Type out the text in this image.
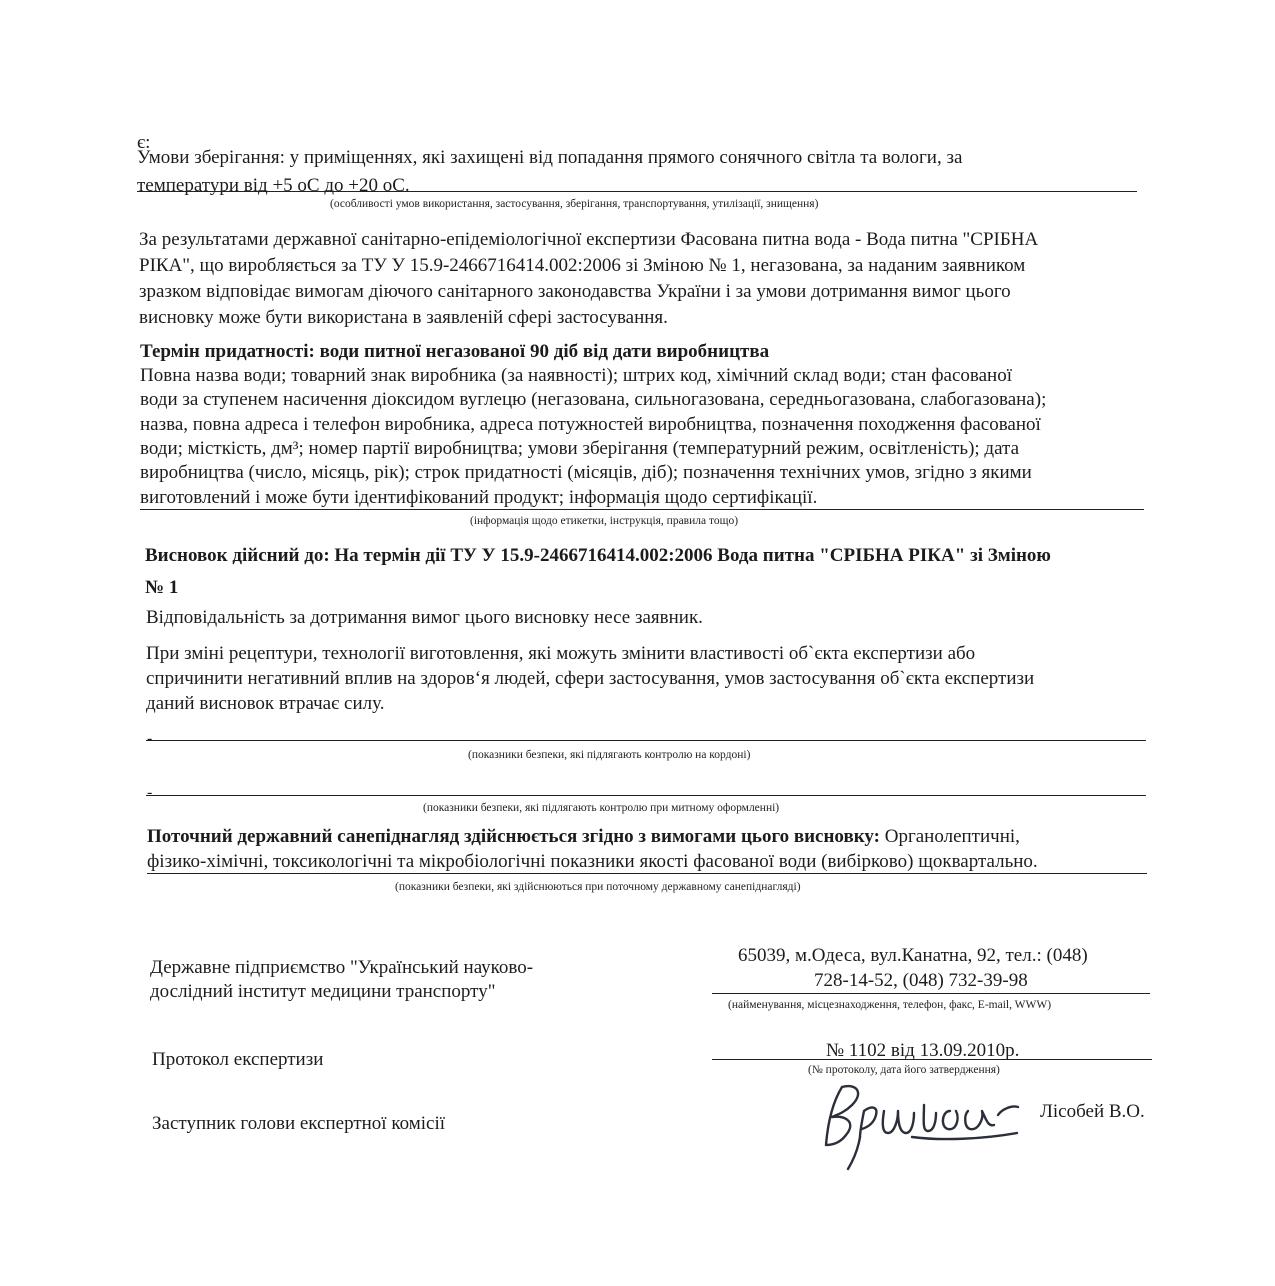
є:
Умови зберігання: у приміщеннях, які захищені від попадання прямого сонячного світла та вологи, за
температури від +5 оС до +20 оС.
(особливості умов використання, застосування, зберігання, транспортування, утилізації, знищення)
За результатами державної санітарно-епідеміологічної експертизи Фасована питна вода - Вода питна "СРІБНА
РІКА", що виробляється за ТУ У 15.9-2466716414.002:2006 зі Зміною № 1, негазована, за наданим заявником
зразком відповідає вимогам діючого санітарного законодавства України і за умови дотримання вимог цього
висновку може бути використана в заявленій сфері застосування.
Термін придатності: води питної негазованої 90 діб від дати виробництва
Повна назва води; товарний знак виробника (за наявності); штрих код, хімічний склад води; стан фасованої
води за ступенем насичення діоксидом вуглецю (негазована, сильногазована, середньогазована, слабогазована);
назва, повна адреса і телефон виробника, адреса потужностей виробництва, позначення походження фасованої
води; місткість, дм³; номер партії виробництва; умови зберігання (температурний режим, освітленість); дата
виробництва (число, місяць, рік); строк придатності (місяців, діб); позначення технічних умов, згідно з якими
виготовлений і може бути ідентифікований продукт; інформація щодо сертифікації.
(інформація щодо етикетки, інструкція, правила тощо)
Висновок дійсний до: На термін дії ТУ У 15.9-2466716414.002:2006 Вода питна "СРІБНА РІКА" зі Зміною
№ 1
Відповідальність за дотримання вимог цього висновку несе заявник.
При зміні рецептури, технології виготовлення, які можуть змінити властивості об`єкта експертизи або
спричинити негативний вплив на здоров‘я людей, сфери застосування, умов застосування об`єкта експертизи
даний висновок втрачає силу.
-
(показники безпеки, які підлягають контролю на кордоні)
-
(показники безпеки, які підлягають контролю при митному оформленні)
Поточний державний санепіднагляд здійснюється згідно з вимогами цього висновку: Органолептичні,
фізико-хімічні, токсикологічні та мікробіологічні показники якості фасованої води (вибірково) щоквартально.
(показники безпеки, які здійснюються при поточному державному санепіднагляді)
Державне підприємство "Український науково-
дослідний інститут медицини транспорту"
65039, м.Одеса, вул.Канатна, 92, тел.: (048)
728-14-52, (048) 732-39-98
(найменування, місцезнаходження, телефон, факс, E-mail, WWW)
Протокол експертизи	№ 1102 від 13.09.2010р.
(№ протоколу, дата його затвердження)
Заступник голови експертної комісії
Лісобей В.О.
